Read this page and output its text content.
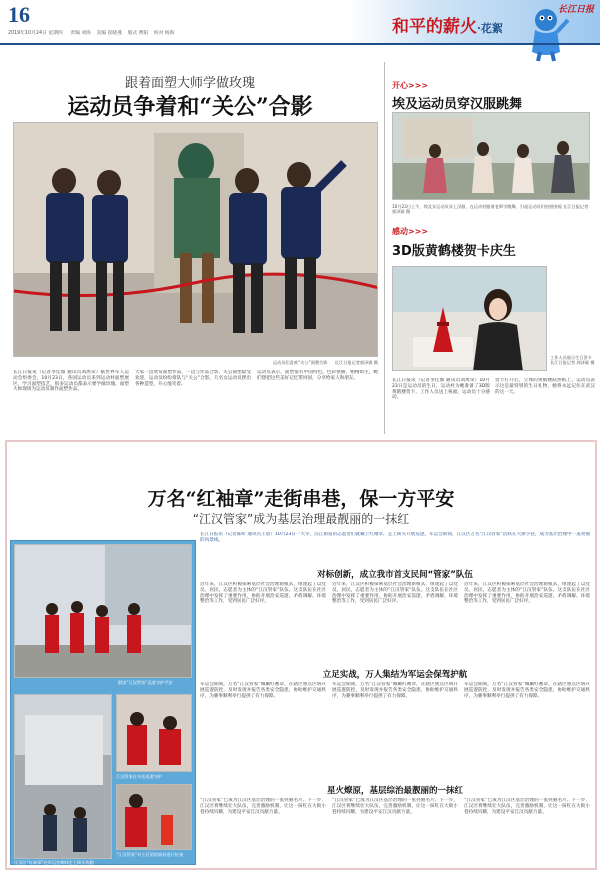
16
2019年10月24日 星期四 责编 刘海 美编 崔晓燕 版式 曹阳 校对 杨海	和平的薪火·花絮
长江日报
跟着面塑大师学做玫瑰
运动员争着和“关公”合影
运动员们喜欢“关公”面塑合影 长江日报记者郭泽霖 摄
长江日报讯（记者李佳薇 通讯员刘禹荣）据世界军人运动会组委会，10月23日，各国运动员来到运动村面塑展区，学习面塑技艺，很多运动员都表示要学做玫瑰。面塑大师现场为运动员制作面塑作品。
大家一边欣赏面塑作品，一边与作品合影，关公面塑最受欢迎，运动员纷纷排队与“关公”合影。几名女运动员摆出各种造型，开心地笑着。
运动员表示，面塑很有中国特色，色彩艳丽，栩栩如生，她们想把这些美好记忆带回国，分享给家人和朋友。
开心>>>
埃及运动员穿汉服跳舞
10月23日上午，埃及女运动员穿上汉服，在运动村跟着老师学跳舞，引起运动员们拍照围观 长江日报记者郭泽霖 摄
感动>>>
3D版黄鹤楼贺卡庆生
工作人员展示生日贺卡
长江日报记者 郭泽霖 摄
长江日报讯（记者李佳薇 通讯员刘禹荣）10月23日是运动员的生日，运动村为她准备了3D版黄鹤楼贺卡，工作人员送上祝福，运动员十分感动。
贺卡打开后，立体的黄鹤楼跃然纸上，运动员表示这是最特别的生日礼物，她将永远记住在武汉的这一天。
万名“红袖章”走街串巷，保一方平安
“江汉管家”成为基层治理最靓丽的一抹红
长江日报讯（记者陈昕 通讯员王晨）10月23日一大早，汉江街道的志愿者们就戴上红袖章，走上街头开展巡逻。军运会期间，江汉区万名“江汉管家”活跃在大街小巷，成为基层治理中一道亮丽的风景线。
群团“江汉管家”巡逻守护平安
江汉管家在车站巡逻守护
江汉区“红袖章”在军运会期间走上街头执勤
“江汉管家”对小区消防器材进行检查
对标创新，成立我市首支民间“管家”队伍
近年来，江汉区积极探索基层社会治理新模式，组建起了以党员、居民、志愿者为主体的“江汉管家”队伍。这支队伍在社区治理中发挥了重要作用，协助开展治安巡逻、矛盾调解、环境整治等工作，受到居民广泛好评。
近年来，江汉区积极探索基层社会治理新模式，组建起了以党员、居民、志愿者为主体的“江汉管家”队伍。这支队伍在社区治理中发挥了重要作用，协助开展治安巡逻、矛盾调解、环境整治等工作，受到居民广泛好评。
近年来，江汉区积极探索基层社会治理新模式，组建起了以党员、居民、志愿者为主体的“江汉管家”队伍。这支队伍在社区治理中发挥了重要作用，协助开展治安巡逻、矛盾调解、环境整治等工作，受到居民广泛好评。
立足实战，万人集结为军运会保驾护航
军运会期间，万名“江汉管家”佩戴红袖章，在辖区重点区域开展巡逻防控，及时发现并报告各类安全隐患，协助维护交通秩序，为赛事顺利举行提供了有力保障。
军运会期间，万名“江汉管家”佩戴红袖章，在辖区重点区域开展巡逻防控，及时发现并报告各类安全隐患，协助维护交通秩序，为赛事顺利举行提供了有力保障。
军运会期间，万名“江汉管家”佩戴红袖章，在辖区重点区域开展巡逻防控，及时发现并报告各类安全隐患，协助维护交通秩序，为赛事顺利举行提供了有力保障。
星火燎原，基层综治最靓丽的一抹红
“江汉管家”已成为江汉区基层治理的一张亮丽名片。下一步，江汉区将继续壮大队伍，完善激励机制，让这一抹红在大街小巷持续闪耀，为建设平安江汉贡献力量。
“江汉管家”已成为江汉区基层治理的一张亮丽名片。下一步，江汉区将继续壮大队伍，完善激励机制，让这一抹红在大街小巷持续闪耀，为建设平安江汉贡献力量。
“江汉管家”已成为江汉区基层治理的一张亮丽名片。下一步，江汉区将继续壮大队伍，完善激励机制，让这一抹红在大街小巷持续闪耀，为建设平安江汉贡献力量。
